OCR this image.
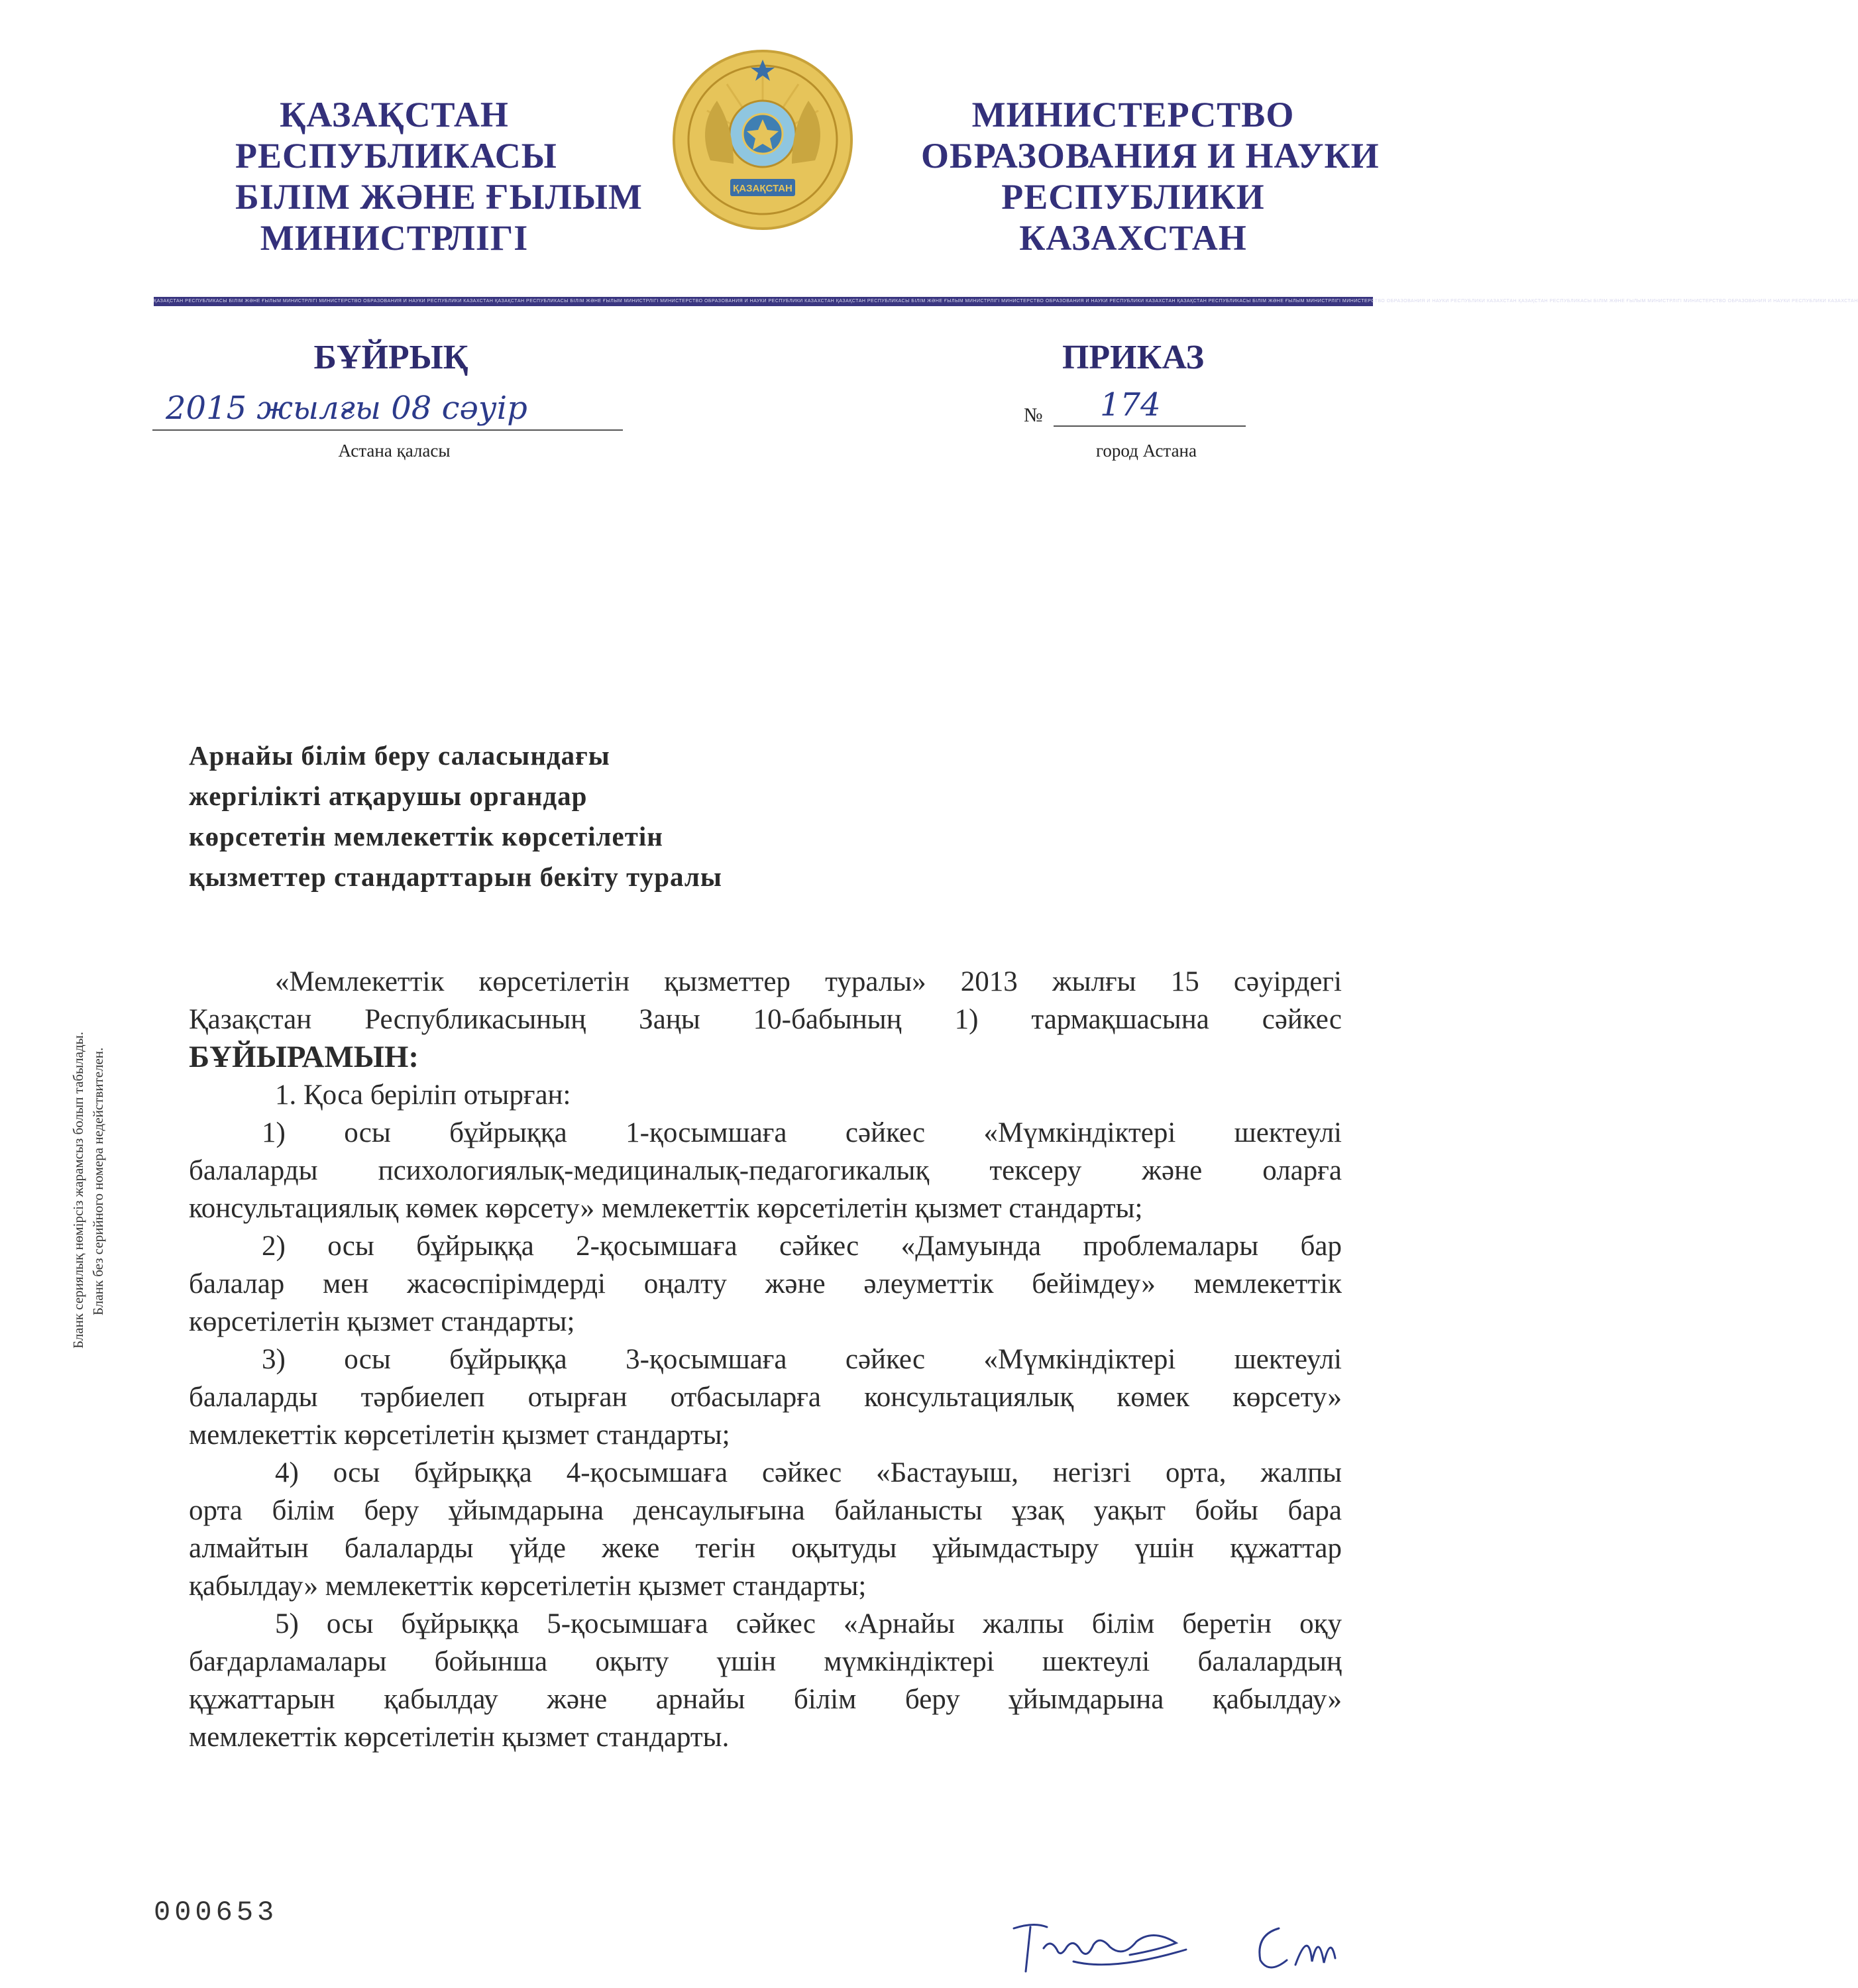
ҚАЗАҚСТАН
РЕСПУБЛИКАСЫ
БІЛІМ ЖӘНЕ ҒЫЛЫМ
МИНИСТРЛІГІ
ҚАЗАҚСТАН
МИНИСТЕРСТВО
ОБРАЗОВАНИЯ И НАУКИ
РЕСПУБЛИКИ
КАЗАХСТАН
ҚАЗАҚСТАН РЕСПУБЛИКАСЫ БІЛІМ ЖӘНЕ ҒЫЛЫМ МИНИСТРЛІГІ МИНИСТЕРСТВО ОБРАЗОВАНИЯ И НАУКИ РЕСПУБЛИКИ КАЗАХСТАН ҚАЗАҚСТАН РЕСПУБЛИКАСЫ БІЛІМ ЖӘНЕ ҒЫЛЫМ МИНИСТРЛІГІ МИНИСТЕРСТВО ОБРАЗОВАНИЯ И НАУКИ РЕСПУБЛИКИ КАЗАХСТАН ҚАЗАҚСТАН РЕСПУБЛИКАСЫ БІЛІМ ЖӘНЕ ҒЫЛЫМ МИНИСТРЛІГІ МИНИСТЕРСТВО ОБРАЗОВАНИЯ И НАУКИ РЕСПУБЛИКИ КАЗАХСТАН ҚАЗАҚСТАН РЕСПУБЛИКАСЫ БІЛІМ ЖӘНЕ ҒЫЛЫМ МИНИСТРЛІГІ МИНИСТЕРСТВО ОБРАЗОВАНИЯ И НАУКИ РЕСПУБЛИКИ КАЗАХСТАН ҚАЗАҚСТАН РЕСПУБЛИКАСЫ БІЛІМ ЖӘНЕ ҒЫЛЫМ МИНИСТРЛІГІ МИНИСТЕРСТВО ОБРАЗОВАНИЯ И НАУКИ РЕСПУБЛИКИ КАЗАХСТАН
БҰЙРЫҚ	ПРИКАЗ
2015 жылғы 08 сәуір
Астана қаласы
№ 174
город Астана
Арнайы білім беру саласындағы
жергілікті атқарушы органдар
көрсететін мемлекеттік көрсетілетін
қызметтер стандарттарын бекіту туралы
«Мемлекеттік көрсетілетін қызметтер туралы» 2013 жылғы 15 сәуірдегі
Қазақстан Республикасының Заңы 10-бабының 1) тармақшасына сәйкес
БҰЙЫРАМЫН:
1. Қоса беріліп отырған:
1) осы бұйрыққа 1-қосымшаға сәйкес «Мүмкіндіктері шектеулі
балаларды психологиялық-медициналық-педагогикалық тексеру және оларға
консультациялық көмек көрсету» мемлекеттік көрсетілетін қызмет стандарты;
2) осы бұйрыққа 2-қосымшаға сәйкес «Дамуында проблемалары бар
балалар мен жасөспірімдерді оңалту және әлеуметтік бейімдеу» мемлекеттік
көрсетілетін қызмет стандарты;
3) осы бұйрыққа 3-қосымшаға сәйкес «Мүмкіндіктері шектеулі
балаларды тәрбиелеп отырған отбасыларға консультациялық көмек көрсету»
мемлекеттік көрсетілетін қызмет стандарты;
4) осы бұйрыққа 4-қосымшаға сәйкес «Бастауыш, негізгі орта, жалпы
орта білім беру ұйымдарына денсаулығына байланысты ұзақ уақыт бойы бара
алмайтын балаларды үйде жеке тегін оқытуды ұйымдастыру үшін құжаттар
қабылдау» мемлекеттік көрсетілетін қызмет стандарты;
5) осы бұйрыққа 5-қосымшаға сәйкес «Арнайы жалпы білім беретін оқу
бағдарламалары бойынша оқыту үшін мүмкіндіктері шектеулі балалардың
құжаттарын қабылдау және арнайы білім беру ұйымдарына қабылдау»
мемлекеттік көрсетілетін қызмет стандарты.
Бланк сериялық нөмірсіз жарамсыз болып табылады. Бланк без серийного номера недействителен.
000653
